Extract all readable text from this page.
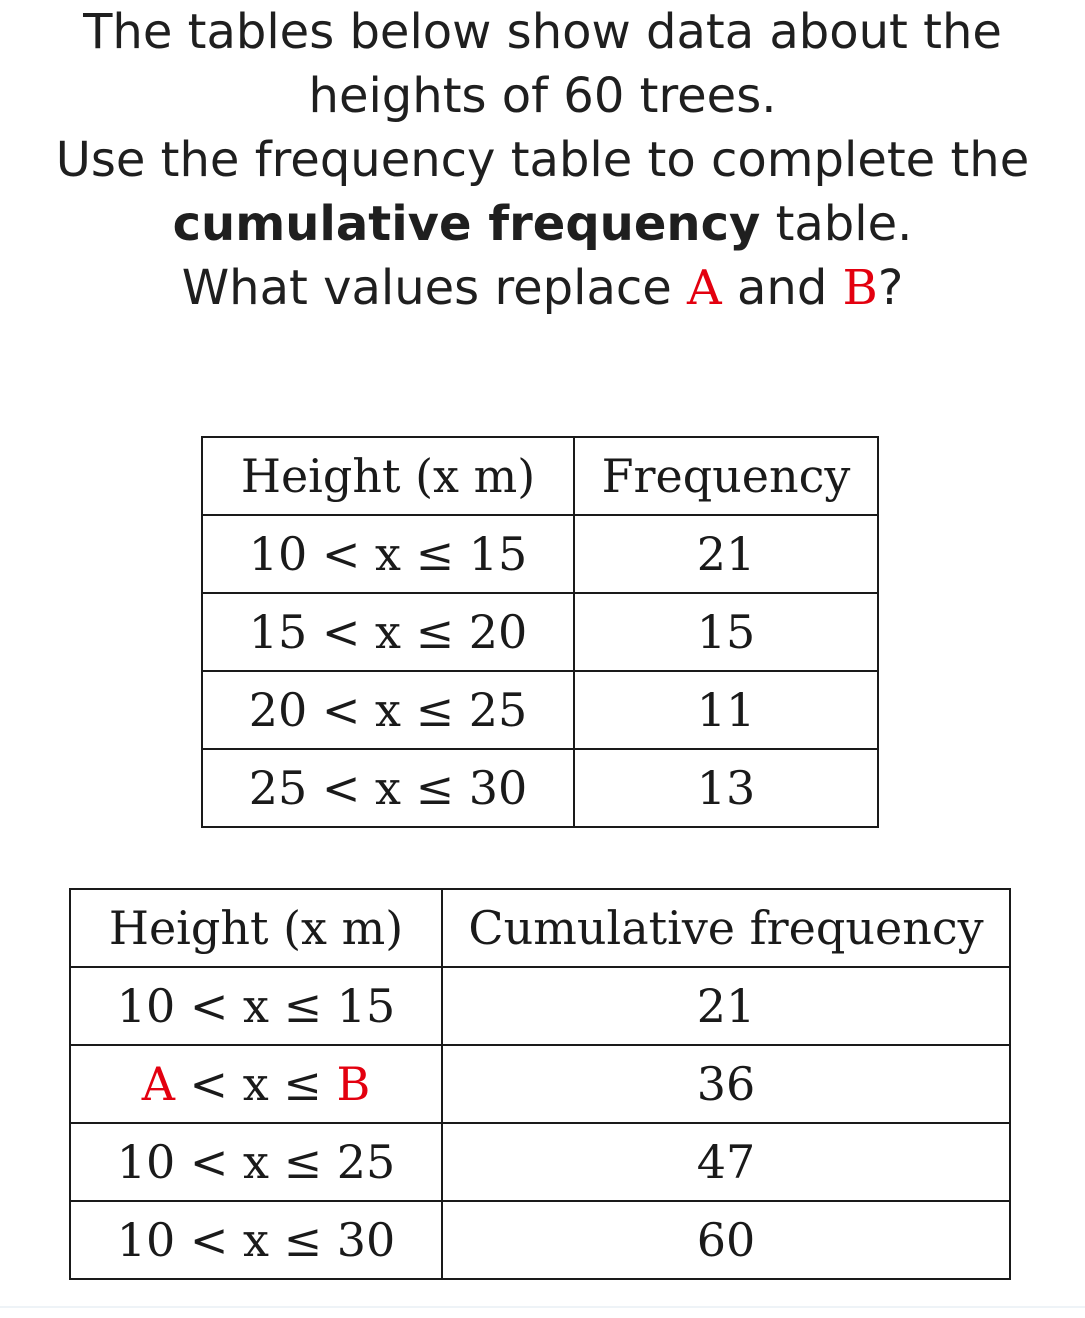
The tables below show data about the

heights of 60 trees.

Use the frequency table to complete the

cumulative frequency table.

What values replace A and B?

Height (x m)	Frequency
10 < x ≤ 15	21
15 < x ≤ 20	15
20 < x ≤ 25	11
25 < x ≤ 30	13
Height (x m)	Cumulative frequency
10 < x ≤ 15	21
A < x ≤ B	36
10 < x ≤ 25	47
10 < x ≤ 30	60
